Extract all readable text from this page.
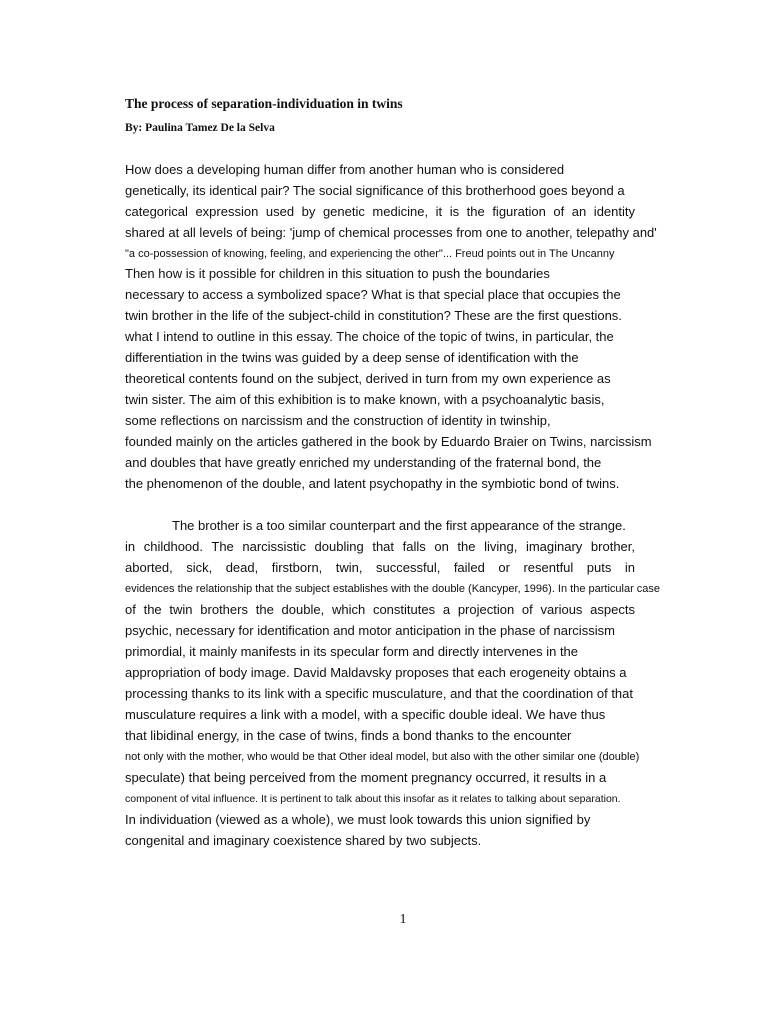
The process of separation-individuation in twins
By: Paulina Tamez De la Selva
How does a developing human differ from another human who is considered
genetically, its identical pair? The social significance of this brotherhood goes beyond a
categorical expression used by genetic medicine, it is the figuration of an identity
shared at all levels of being: 'jump of chemical processes from one to another, telepathy and'
"a co-possession of knowing, feeling, and experiencing the other"... Freud points out in The Uncanny
Then how is it possible for children in this situation to push the boundaries
necessary to access a symbolized space? What is that special place that occupies the
twin brother in the life of the subject-child in constitution? These are the first questions.
what I intend to outline in this essay. The choice of the topic of twins, in particular, the
differentiation in the twins was guided by a deep sense of identification with the
theoretical contents found on the subject, derived in turn from my own experience as
twin sister. The aim of this exhibition is to make known, with a psychoanalytic basis,
some reflections on narcissism and the construction of identity in twinship,
founded mainly on the articles gathered in the book by Eduardo Braier on Twins, narcissism
and doubles that have greatly enriched my understanding of the fraternal bond, the
the phenomenon of the double, and latent psychopathy in the symbiotic bond of twins.
The brother is a too similar counterpart and the first appearance of the strange.
in childhood. The narcissistic doubling that falls on the living, imaginary brother,
aborted, sick, dead, firstborn, twin, successful, failed or resentful puts in
evidences the relationship that the subject establishes with the double (Kancyper, 1996). In the particular case
of the twin brothers the double, which constitutes a projection of various aspects
psychic, necessary for identification and motor anticipation in the phase of narcissism
primordial, it mainly manifests in its specular form and directly intervenes in the
appropriation of body image. David Maldavsky proposes that each erogeneity obtains a
processing thanks to its link with a specific musculature, and that the coordination of that
musculature requires a link with a model, with a specific double ideal. We have thus
that libidinal energy, in the case of twins, finds a bond thanks to the encounter
not only with the mother, who would be that Other ideal model, but also with the other similar one (double)
speculate) that being perceived from the moment pregnancy occurred, it results in a
component of vital influence. It is pertinent to talk about this insofar as it relates to talking about separation.
In individuation (viewed as a whole), we must look towards this union signified by
congenital and imaginary coexistence shared by two subjects.
1
